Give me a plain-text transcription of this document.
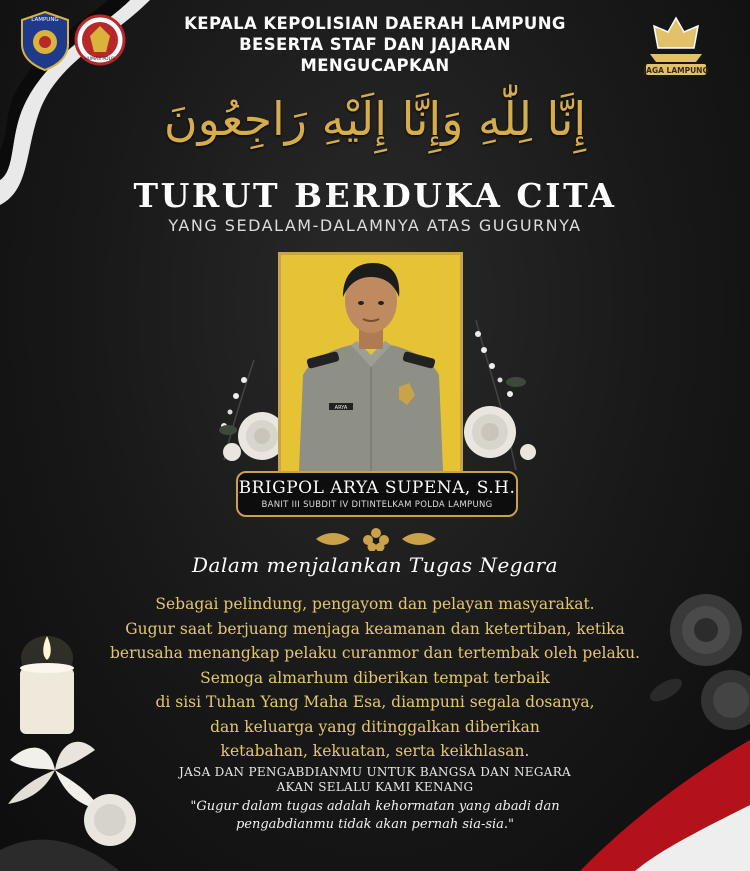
LAMPUNG
HUMAS POLRI
JAGA LAMPUNG
KEPALA KEPOLISIAN DAERAH LAMPUNG
BESERTA STAF DAN JAJARAN
MENGUCAPKAN
إِنَّا لِلّٰهِ وَإِنَّا إِلَيْهِ رَاجِعُونَ
TURUT BERDUKA CITA
YANG SEDALAM-DALAMNYA ATAS GUGURNYA
ARYA
BRIGPOL ARYA SUPENA, S.H.
BANIT III SUBDIT IV DITINTELKAM POLDA LAMPUNG
Dalam menjalankan Tugas Negara
Sebagai pelindung, pengayom dan pelayan masyarakat.
Gugur saat berjuang menjaga keamanan dan ketertiban, ketika
berusaha menangkap pelaku curanmor dan tertembak oleh pelaku.
Semoga almarhum diberikan tempat terbaik
di sisi Tuhan Yang Maha Esa, diampuni segala dosanya,
dan keluarga yang ditinggalkan diberikan
ketabahan, kekuatan, serta keikhlasan.
JASA DAN PENGABDIANMU UNTUK BANGSA DAN NEGARA
AKAN SELALU KAMI KENANG
"Gugur dalam tugas adalah kehormatan yang abadi dan
pengabdianmu tidak akan pernah sia-sia."
